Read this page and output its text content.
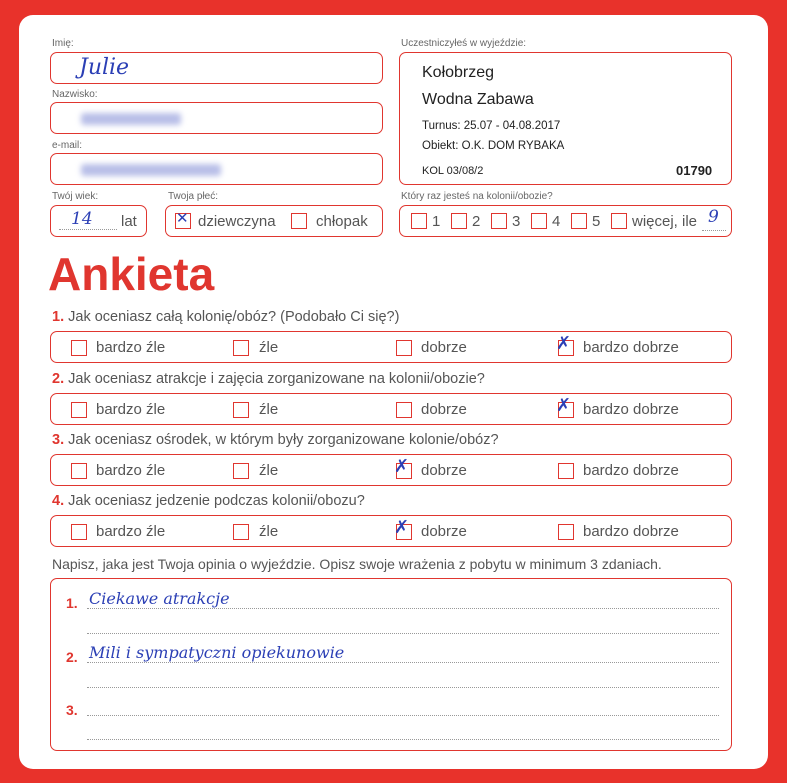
Imię:
Julie
Nazwisko:
e-mail:
Twój wiek:
14 lat
Twoja płeć:
✕ dziewczyna	chłopak
Uczestniczyłeś w wyjeździe:
Kołobrzeg
Wodna Zabawa
Turnus: 25.07 - 04.08.2017
Obiekt: O.K. DOM RYBAKA
KOL 03/08/2	01790
Który raz jesteś na kolonii/obozie?
1 2 3 4 5 więcej, ile 9
Ankieta
1. Jak oceniasz całą kolonię/obóz? (Podobało Ci się?)
bardzo źle	źle	dobrze	✗ bardzo dobrze
2. Jak oceniasz atrakcje i zajęcia zorganizowane na kolonii/obozie?
bardzo źle	źle	dobrze	✗ bardzo dobrze
3. Jak oceniasz ośrodek, w którym były zorganizowane kolonie/obóz?
bardzo źle	źle	✗ dobrze	bardzo dobrze
4. Jak oceniasz jedzenie podczas kolonii/obozu?
bardzo źle	źle	✗ dobrze	bardzo dobrze
Napisz, jaka jest Twoja opinia o wyjeździe. Opisz swoje wrażenia z pobytu w minimum 3 zdaniach.
1. Ciekawe atrakcje
2. Mili i sympatyczni opiekunowie
3.
